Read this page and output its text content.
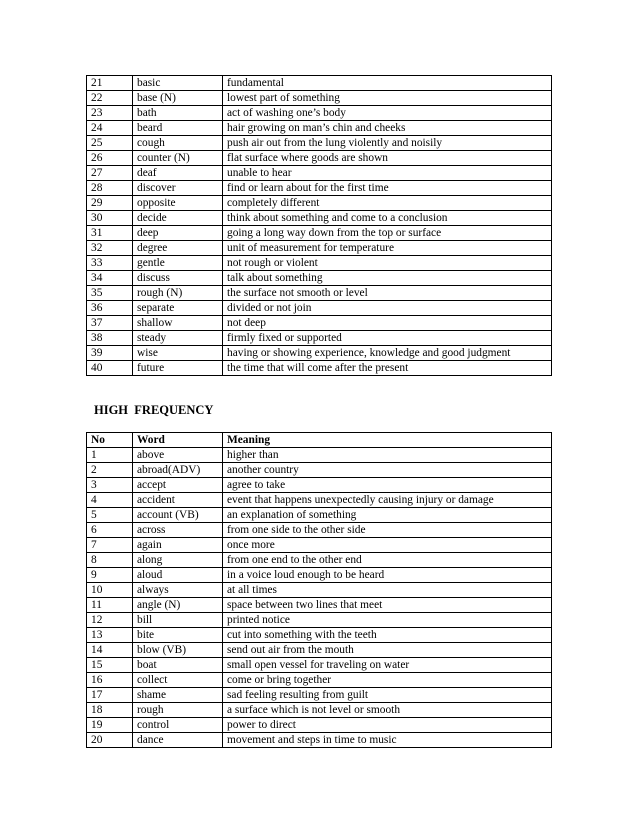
21	basic	fundamental
22	base (N)	lowest part of something
23	bath	act of washing one’s body
24	beard	hair growing on man’s chin and cheeks
25	cough	push air out from the lung violently and noisily
26	counter (N)	flat surface where goods are shown
27	deaf	unable to hear
28	discover	find or learn about for the first time
29	opposite	completely different
30	decide	think about something and come to a conclusion
31	deep	going a long way down from the top or surface
32	degree	unit of measurement for temperature
33	gentle	not rough or violent
34	discuss	talk about something
35	rough (N)	the surface not smooth or level
36	separate	divided or not join
37	shallow	not deep
38	steady	firmly fixed or supported
39	wise	having or showing experience, knowledge and good judgment
40	future	the time that will come after the present
HIGH  FREQUENCY
No	Word	Meaning
1	above	higher than
2	abroad(ADV)	another country
3	accept	agree to take
4	accident	event that happens unexpectedly causing injury or damage
5	account (VB)	an explanation of something
6	across	from one side to the other side
7	again	once more
8	along	from one end to the other end
9	aloud	in a voice loud enough to be heard
10	always	at all times
11	angle (N)	space between two lines that meet
12	bill	printed notice
13	bite	cut into something with the teeth
14	blow (VB)	send out air from the mouth
15	boat	small open vessel for traveling on water
16	collect	come or bring together
17	shame	sad feeling resulting from guilt
18	rough	a surface which is not level or smooth
19	control	power to direct
20	dance	movement and steps in time to music
